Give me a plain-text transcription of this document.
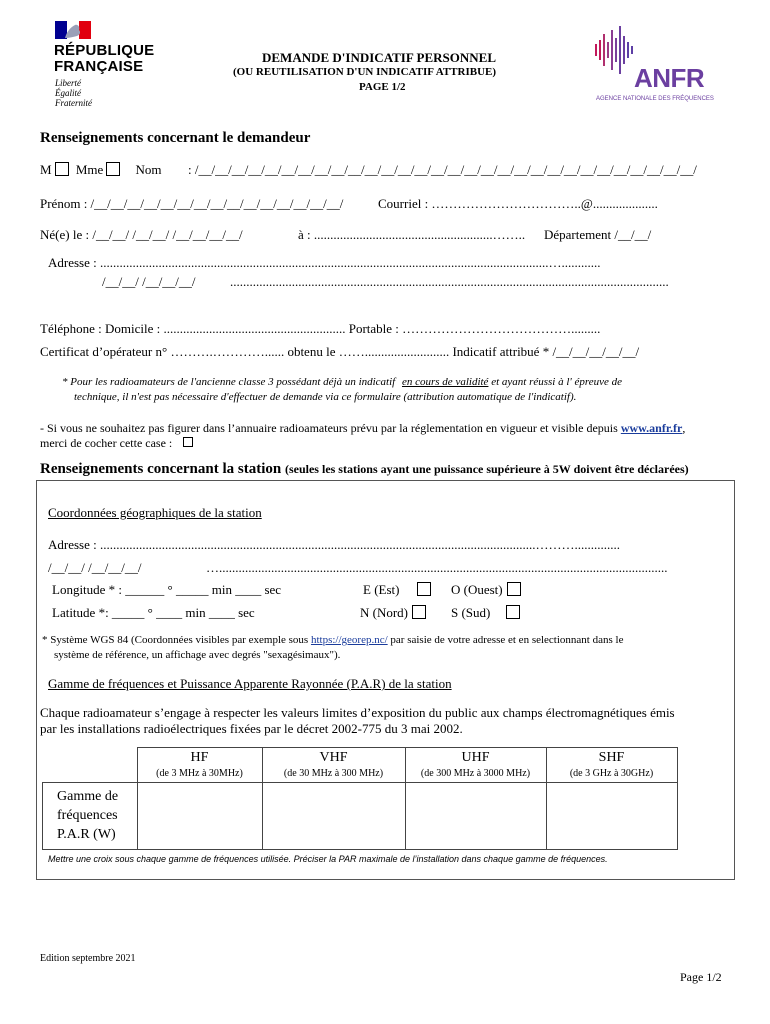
RÉPUBLIQUE
FRANÇAISE
Liberté
Égalité
Fraternité
DEMANDE D'INDICATIF PERSONNEL
(OU REUTILISATION D'UN INDICATIF ATTRIBUE)
PAGE 1/2	ANFR
AGENCE NATIONALE DES FRÉQUENCES
Renseignements concernant le demandeur
M Mme Nom : /__/__/__/__/__/__/__/__/__/__/__/__/__/__/__/__/__/__/__/__/__/__/__/__/__/__/__/__/__/__/
Prénom : /__/__/__/__/__/__/__/__/__/__/__/__/__/__/__/	Courriel : ……………………………..@....................
Né(e) le : /__/__/ /__/__/ /__/__/__/__/	à : .......................................................…….. Département /__/__/
Adresse : ..........................................................................................................................................…............
/__/__/ /__/__/__/	.......................................................................................................................................
Téléphone : Domicile : ........................................................ Portable : ………………………………….........
Certificat d’opérateur n° ……….…………...... obtenu le …….......................... Indicatif attribué * /__/__/__/__/__/
* Pour les radioamateurs de l'ancienne classe 3 possédant déjà un indicatif en cours de validité et ayant réussi à l' épreuve de
technique, il n'est pas nécessaire d'effectuer de demande via ce formulaire (attribution automatique de l'indicatif).
- Si vous ne souhaitez pas figurer dans l’annuaire radioamateurs prévu par la réglementation en vigueur et visible depuis www.anfr.fr,
merci de cocher cette case :
Renseignements concernant la station (seules les stations ayant une puissance supérieure à 5W doivent être déclarées)
Coordonnées géographiques de la station
Adresse : ......................................................................................................................................………..............
/__/__/ /__/__/__/	…..........................................................................................................................................
Longitude * : ______ ° _____ min ____ sec
Latitude *: _____ ° ____ min ____ sec
E (Est)	O (Ouest)
N (Nord)	S (Sud)
* Système WGS 84 (Coordonnées visibles par exemple sous https://georep.nc/ par saisie de votre adresse et en selectionnant dans le
système de référence, un affichage avec degrés "sexagésimaux").
Gamme de fréquences et Puissance Apparente Rayonnée (P.A.R) de la station
Chaque radioamateur s’engage à respecter les valeurs limites d’exposition du public aux champs électromagnétiques émis
par les installations radioélectriques fixées par le décret 2002-775 du 3 mai 2002.

	HF
(de 3 MHz à 30MHz)	VHF
(de 30 MHz à 300 MHz)	UHF
(de 300 MHz à 3000 MHz)	SHF
(de 3 GHz à 30GHz)

Gamme de
fréquences
P.A.R (W)				

Mettre une croix sous chaque gamme de fréquences utilisée. Préciser la PAR maximale de l’installation dans chaque gamme de fréquences.
Edition septembre 2021
Page 1/2
